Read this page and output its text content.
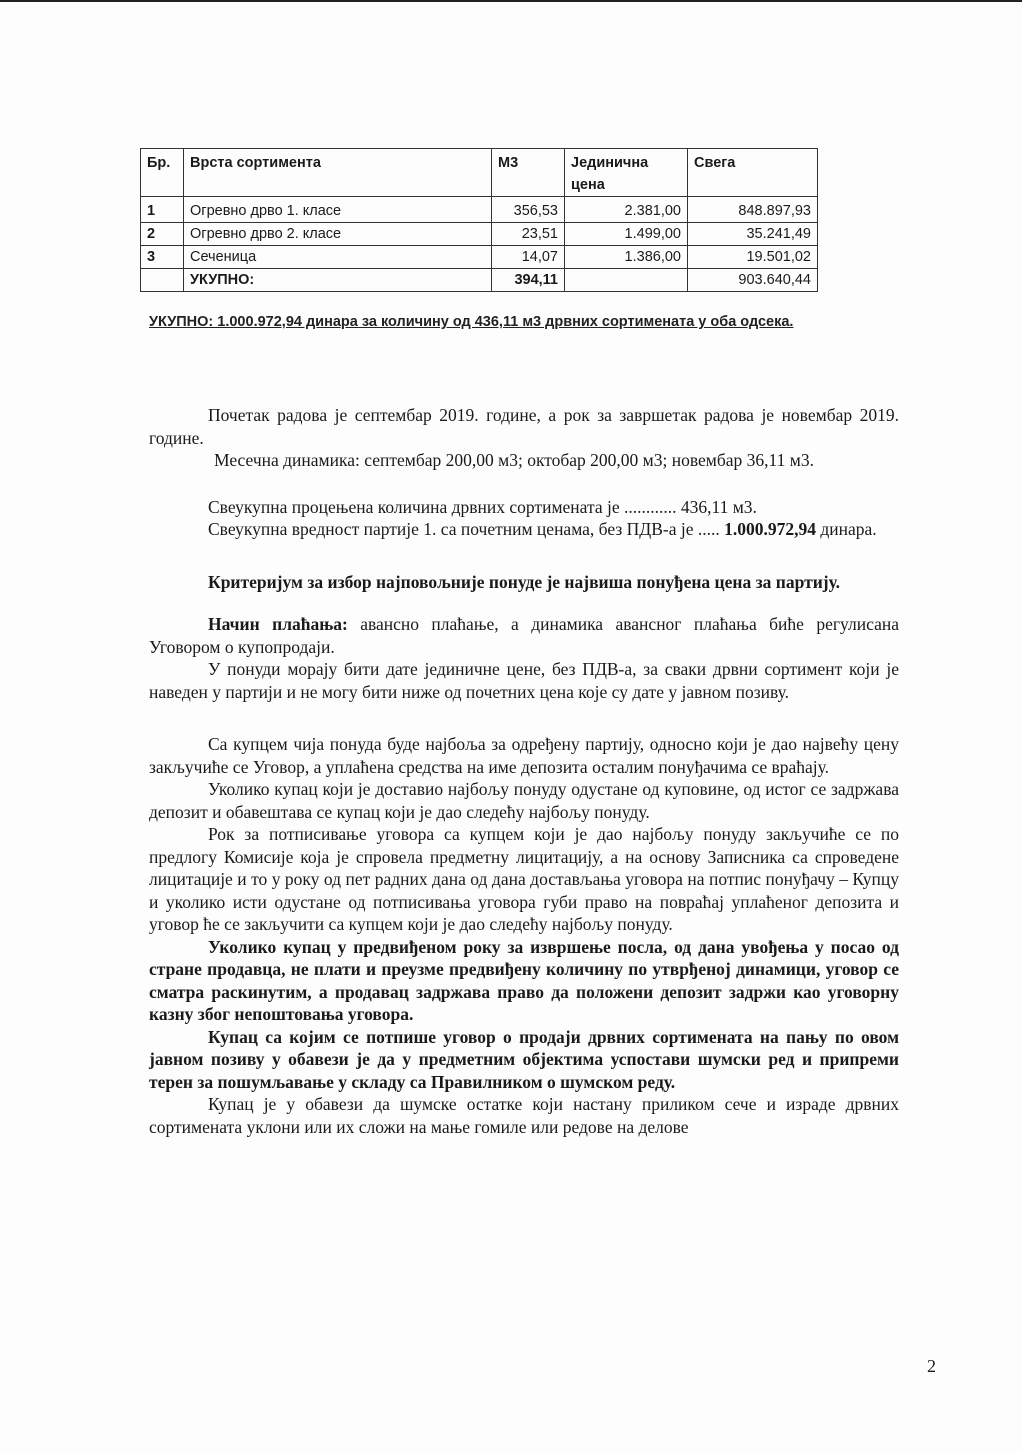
Бр.	Врста сортимента	М3	Јединична цена	Свега
1	Огревно дрво 1. класе	356,53	2.381,00	848.897,93
2	Огревно дрво 2. класе	23,51	1.499,00	35.241,49
3	Сеченица	14,07	1.386,00	19.501,02
	УКУПНО:	394,11		903.640,44
УКУПНО: 1.000.972,94 динара за количину од 436,11 м3 дрвних сортимената у оба одсека.

Почетак радова је септембар 2019. године, а рок за завршетак радова је новембар 2019. године.

Месечна динамика: септембар 200,00 м3; октобар 200,00 м3; новембар 36,11 м3.

Свеукупна процењена количина дрвних сортимената је ............ 436,11 м3.

Свеукупна вредност партије 1. са почетним ценама, без ПДВ-а је ..... 1.000.972,94 динара.

Критеријум за избор најповољније понуде је највиша понуђена цена за партију.

Начин плаћања: авансно плаћање, а динамика авансног плаћања биће регулисана Уговором о купопродаји.

У понуди морају бити дате јединичне цене, без ПДВ-а, за сваки дрвни сортимент који је наведен у партији и не могу бити ниже од почетних цена које су дате у јавном позиву.

Са купцем чија понуда буде најбоља за одређену партију, односно који је дао највећу цену закључиће се Уговор, а уплаћена средства на име депозита осталим понуђачима се враћају.

Уколико купац који је доставио најбољу понуду одустане од куповине, од истог се задржава депозит и обавештава се купац који је дао следећу најбољу понуду.

Рок за потписивање уговора са купцем који је дао најбољу понуду закључиће се по предлогу Комисије која је спровела предметну лицитацију, а на основу Записника са спроведене лицитације и то у року од пет радних дана од дана достављања уговора на потпис понуђачу – Купцу и уколико исти одустане од потписивања уговора губи право на повраћај уплаћеног депозита и уговор ће се закључити са купцем који је дао следећу најбољу понуду.

Уколико купац у предвиђеном року за извршење посла, од дана увођења у посао од стране продавца, не плати и преузме предвиђену количину по утврђеној динамици, уговор се сматра раскинутим, а продавац задржава право да положени депозит задржи као уговорну казну због непоштовања уговора.

Купац са којим се потпише уговор о продаји дрвних сортимената на пању по овом јавном позиву у обавези је да у предметним објектима успостави шумски ред и припреми терен за пошумљавање у складу са Правилником о шумском реду.

Купац је у обавези да шумске остатке који настану приликом сече и израде дрвних сортимената уклони или их сложи на мање гомиле или редове на делове

2
